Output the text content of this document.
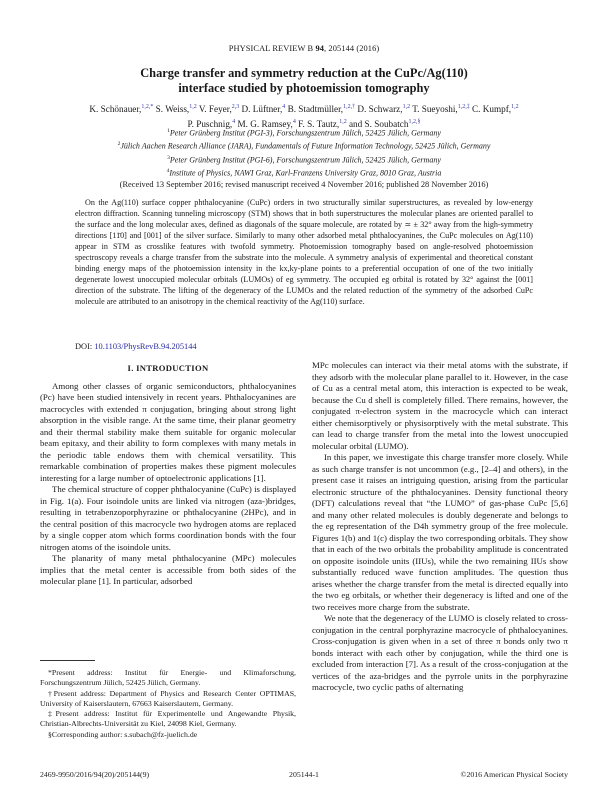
PHYSICAL REVIEW B 94, 205144 (2016)
Charge transfer and symmetry reduction at the CuPc/Ag(110)
interface studied by photoemission tomography
K. Schönauer,$^{1,2,*}$ S. Weiss,$^{1,2}$ V. Feyer,$^{2,3}$ D. Lüftner,$^4$ B. Stadtmüller,$^{1,2,\dagger}$ D. Schwarz,$^{1,2}$ T. Sueyoshi,$^{1,2,\ddagger}$ C. Kumpf,$^{1,2}$
P. Puschnig,$^4$ M. G. Ramsey,$^4$ F. S. Tautz,$^{1,2}$ and S. Soubatch$^{1,2,\S}$
$^1$Peter Grünberg Institut (PGI-3), Forschungszentrum Jülich, 52425 Jülich, Germany
$^2$Jülich Aachen Research Alliance (JARA), Fundamentals of Future Information Technology, 52425 Jülich, Germany
$^3$Peter Grünberg Institut (PGI-6), Forschungszentrum Jülich, 52425 Jülich, Germany
$^4$Institute of Physics, NAWI Graz, Karl-Franzens University Graz, 8010 Graz, Austria
(Received 13 September 2016; revised manuscript received 4 November 2016; published 28 November 2016)
On the Ag(110) surface copper phthalocyanine (CuPc) orders in two structurally similar superstructures, as revealed by low-energy electron diffraction. Scanning tunneling microscopy (STM) shows that in both superstructures the molecular planes are oriented parallel to the surface and the long molecular axes, defined as diagonals of the square molecule, are rotated by ≃ ± 32° away from the high-symmetry directions [11̄0] and [001] of the silver surface. Similarly to many other adsorbed metal phthalocyanines, the CuPc molecules on Ag(110) appear in STM as crosslike features with twofold symmetry. Photoemission tomography based on angle-resolved photoemission spectroscopy reveals a charge transfer from the substrate into the molecule. A symmetry analysis of experimental and theoretical constant binding energy maps of the photoemission intensity in the kx,ky-plane points to a preferential occupation of one of the two initially degenerate lowest unoccupied molecular orbitals (LUMOs) of eg symmetry. The occupied eg orbital is rotated by 32° against the [001] direction of the substrate. The lifting of the degeneracy of the LUMOs and the related reduction of the symmetry of the adsorbed CuPc molecule are attributed to an anisotropy in the chemical reactivity of the Ag(110) surface.
DOI: 10.1103/PhysRevB.94.205144
I. INTRODUCTION

Among other classes of organic semiconductors, phthalocyanines (Pc) have been studied intensively in recent years. Phthalocyanines are macrocycles with extended π conjugation, bringing about strong light absorption in the visible range. At the same time, their planar geometry and their thermal stability make them suitable for organic molecular beam epitaxy, and their ability to form complexes with many metals in the periodic table endows them with chemical versatility. This remarkable combination of properties makes these pigment molecules interesting for a large number of optoelectronic applications [1].

The chemical structure of copper phthalocyanine (CuPc) is displayed in Fig. 1(a). Four isoindole units are linked via nitrogen (aza-)bridges, resulting in tetrabenzoporphyrazine or phthalocyanine (2HPc), and in the central position of this macrocycle two hydrogen atoms are replaced by a single copper atom which forms coordination bonds with the four nitrogen atoms of the isoindole units.

The planarity of many metal phthalocyanine (MPc) molecules implies that the metal center is accessible from both sides of the molecular plane [1]. In particular, adsorbed

*Present address: Institut für Energie- und Klimaforschung, Forschungszentrum Jülich, 52425 Jülich, Germany.

†Present address: Department of Physics and Research Center OPTIMAS, University of Kaiserslautern, 67663 Kaiserslautern, Germany.

‡Present address: Institut für Experimentelle und Angewandte Physik, Christian-Albrechts-Universität zu Kiel, 24098 Kiel, Germany.

§Corresponding author: s.subach@fz-juelich.de

MPc molecules can interact via their metal atoms with the substrate, if they adsorb with the molecular plane parallel to it. However, in the case of Cu as a central metal atom, this interaction is expected to be weak, because the Cu d shell is completely filled. There remains, however, the conjugated π-electron system in the macrocycle which can interact either chemisorptively or physisorptively with the metal substrate. This can lead to charge transfer from the metal into the lowest unoccupied molecular orbital (LUMO).

In this paper, we investigate this charge transfer more closely. While as such charge transfer is not uncommon (e.g., [2–4] and others), in the present case it raises an intriguing question, arising from the particular electronic structure of the phthalocyanines. Density functional theory (DFT) calculations reveal that “the LUMO” of gas-phase CuPc [5,6] and many other related molecules is doubly degenerate and belongs to the eg representation of the D4h symmetry group of the free molecule. Figures 1(b) and 1(c) display the two corresponding orbitals. They show that in each of the two orbitals the probability amplitude is concentrated on opposite isoindole units (IIUs), while the two remaining IIUs show substantially reduced wave function amplitudes. The question thus arises whether the charge transfer from the metal is directed equally into the two eg orbitals, or whether their degeneracy is lifted and one of the two receives more charge from the substrate.

We note that the degeneracy of the LUMO is closely related to cross-conjugation in the central porphyrazine macrocycle of phthalocyanines. Cross-conjugation is given when in a set of three π bonds only two π bonds interact with each other by conjugation, while the third one is excluded from interaction [7]. As a result of the cross-conjugation at the vertices of the aza-bridges and the pyrrole units in the porphyrazine macrocycle, two cyclic paths of alternating

2469-9950/2016/94(20)/205144(9)	205144-1	©2016 American Physical Society
